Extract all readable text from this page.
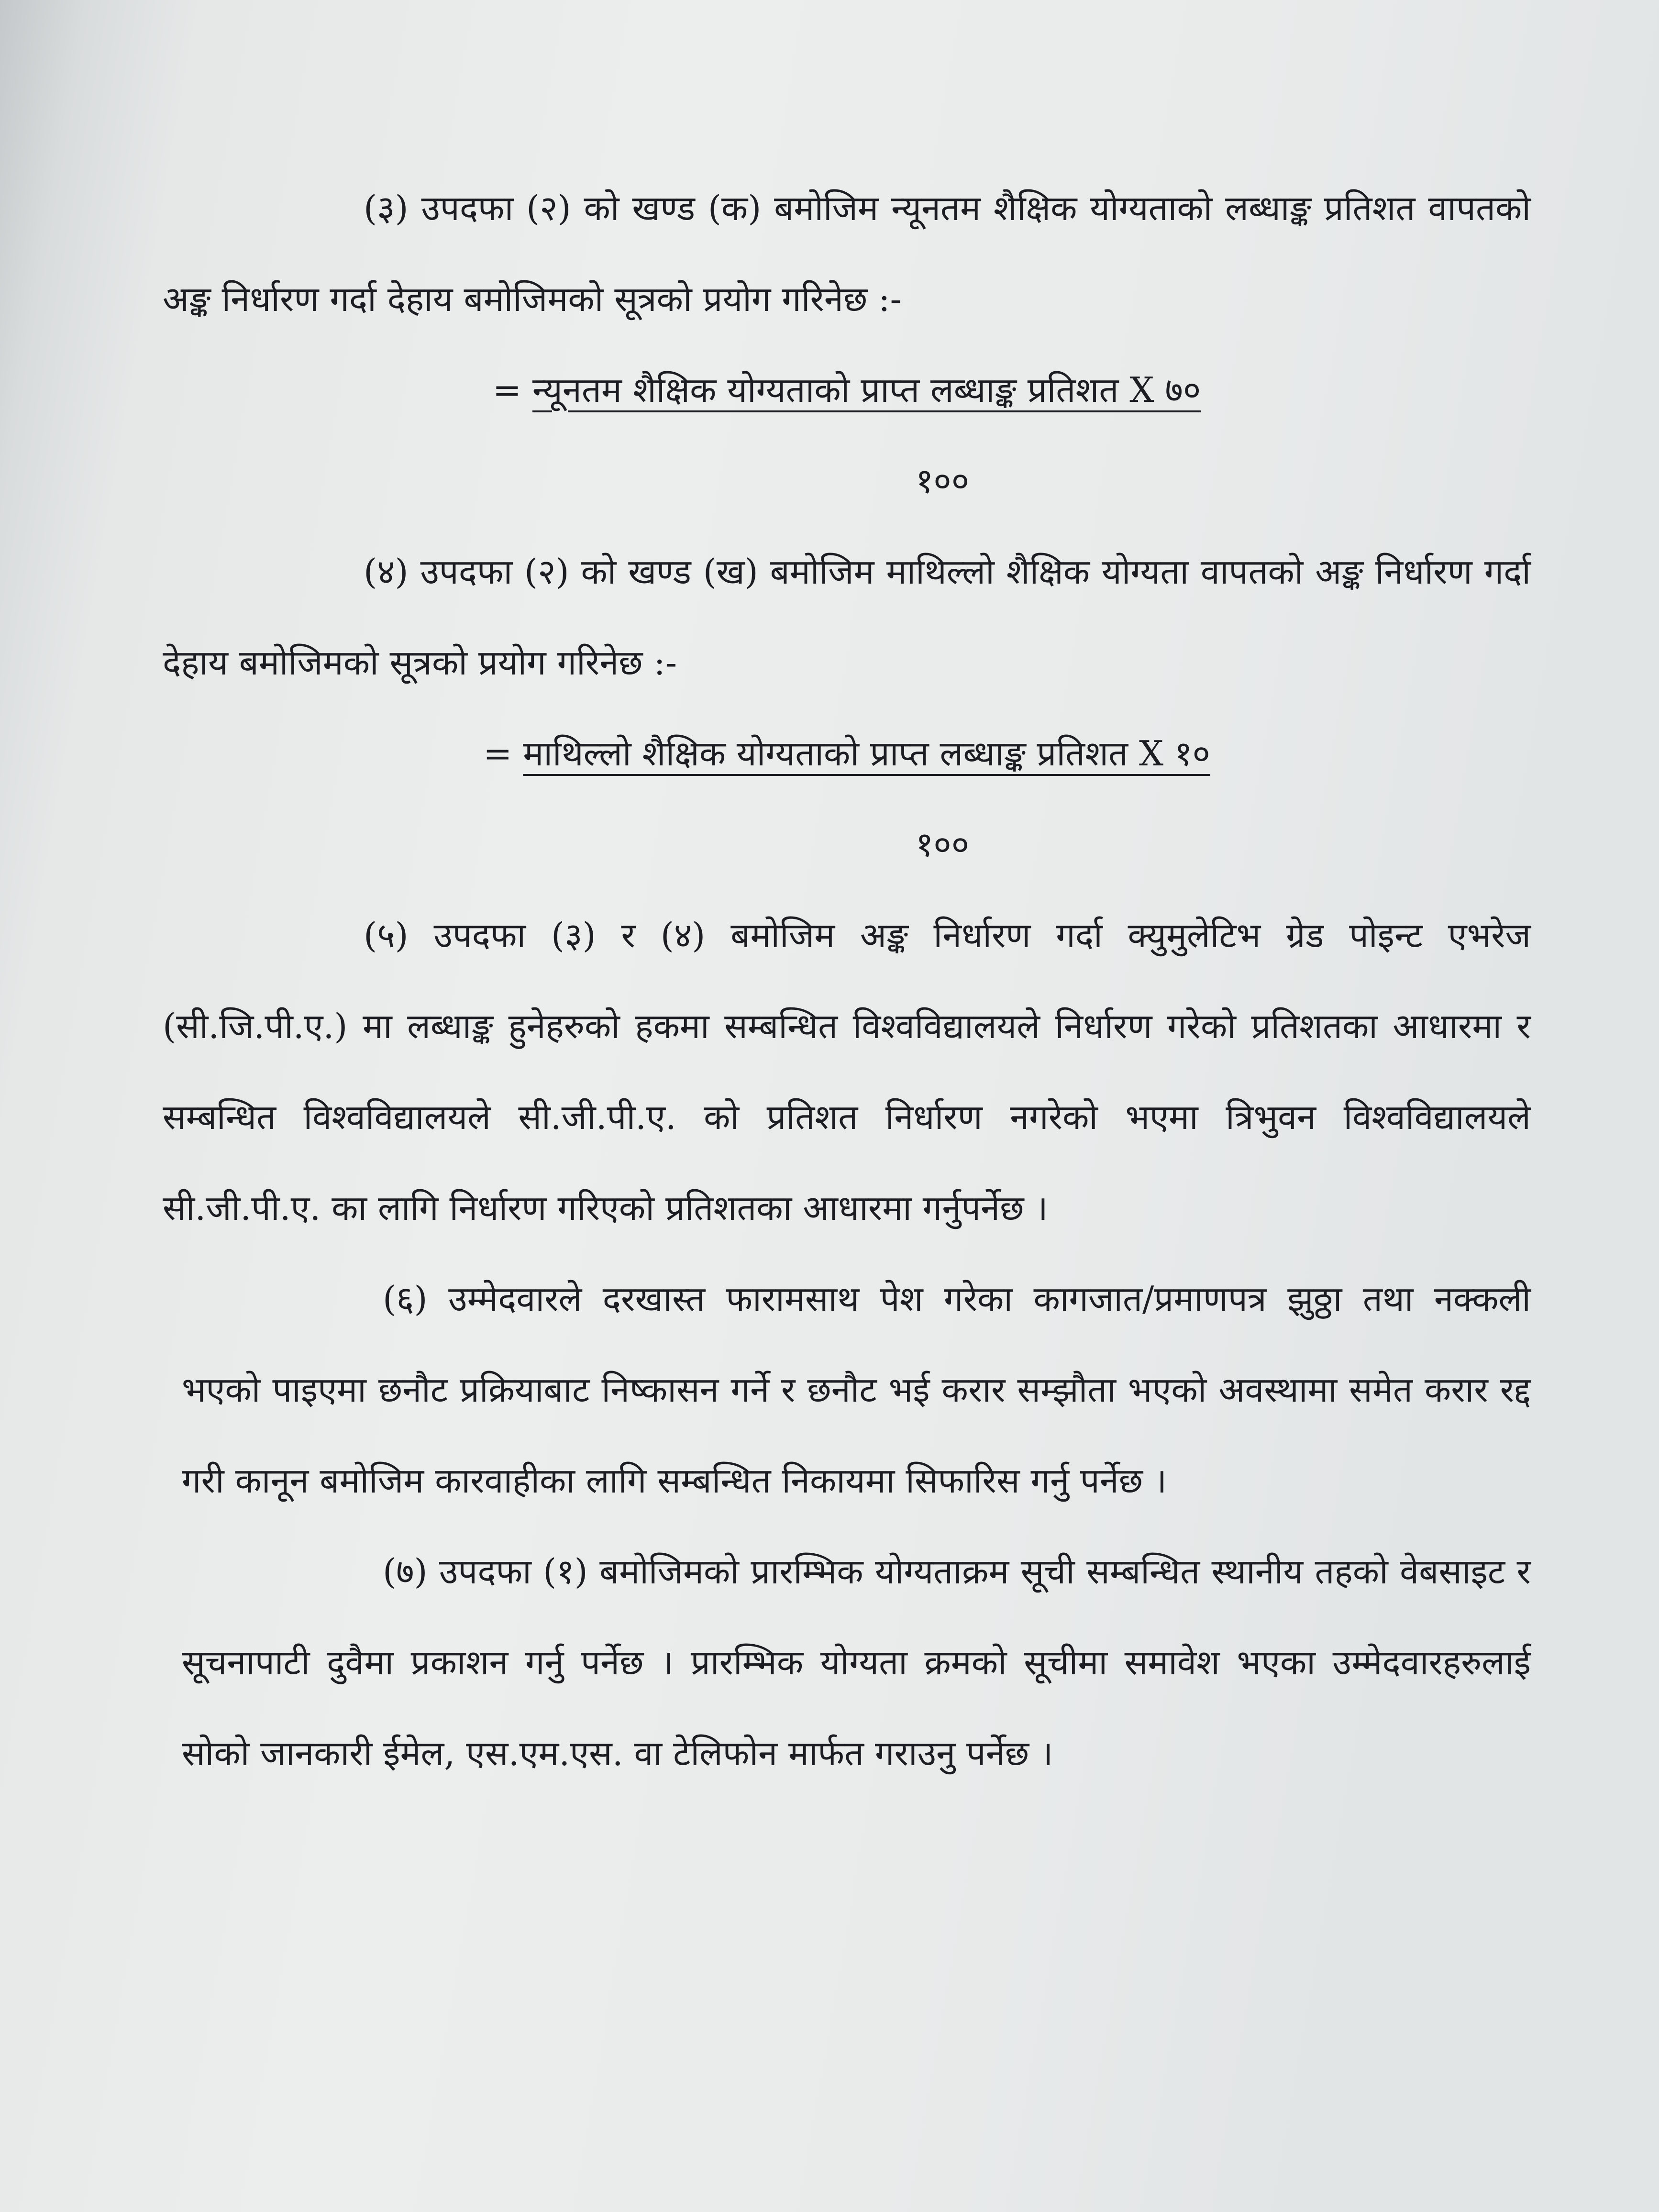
(३) उपदफा (२) को खण्ड (क) बमोजिम न्यूनतम शैक्षिक योग्यताको लब्धाङ्क प्रतिशत वापतको अङ्क निर्धारण गर्दा देहाय बमोजिमको सूत्रको प्रयोग गरिनेछ :-

= न्यूनतम शैक्षिक योग्यताको प्राप्त लब्धाङ्क प्रतिशत X ७०

१००

(४) उपदफा (२) को खण्ड (ख) बमोजिम माथिल्लो शैक्षिक योग्यता वापतको अङ्क निर्धारण गर्दा देहाय बमोजिमको सूत्रको प्रयोग गरिनेछ :-

= माथिल्लो शैक्षिक योग्यताको प्राप्त लब्धाङ्क प्रतिशत X १०

१००

(५) उपदफा (३) र (४) बमोजिम अङ्क निर्धारण गर्दा क्युमुलेटिभ ग्रेड पोइन्ट एभरेज (सी.जि.पी.ए.) मा लब्धाङ्क हुनेहरुको हकमा सम्बन्धित विश्वविद्यालयले निर्धारण गरेको प्रतिशतका आधारमा र सम्बन्धित विश्वविद्यालयले सी.जी.पी.ए. को प्रतिशत निर्धारण नगरेको भएमा त्रिभुवन विश्वविद्यालयले सी.जी.पी.ए. का लागि निर्धारण गरिएको प्रतिशतका आधारमा गर्नुपर्नेछ ।

(६) उम्मेदवारले दरखास्त फारामसाथ पेश गरेका कागजात/प्रमाणपत्र झुठ्ठा तथा नक्कली भएको पाइएमा छनौट प्रक्रियाबाट निष्कासन गर्ने र छनौट भई करार सम्झौता भएको अवस्थामा समेत करार रद्द गरी कानून बमोजिम कारवाहीका लागि सम्बन्धित निकायमा सिफारिस गर्नु पर्नेछ ।

(७) उपदफा (१) बमोजिमको प्रारम्भिक योग्यताक्रम सूची सम्बन्धित स्थानीय तहको वेबसाइट र सूचनापाटी दुवैमा प्रकाशन गर्नु पर्नेछ । प्रारम्भिक योग्यता क्रमको सूचीमा समावेश भएका उम्मेदवारहरुलाई सोको जानकारी ईमेल, एस.एम.एस. वा टेलिफोन मार्फत गराउनु पर्नेछ ।
